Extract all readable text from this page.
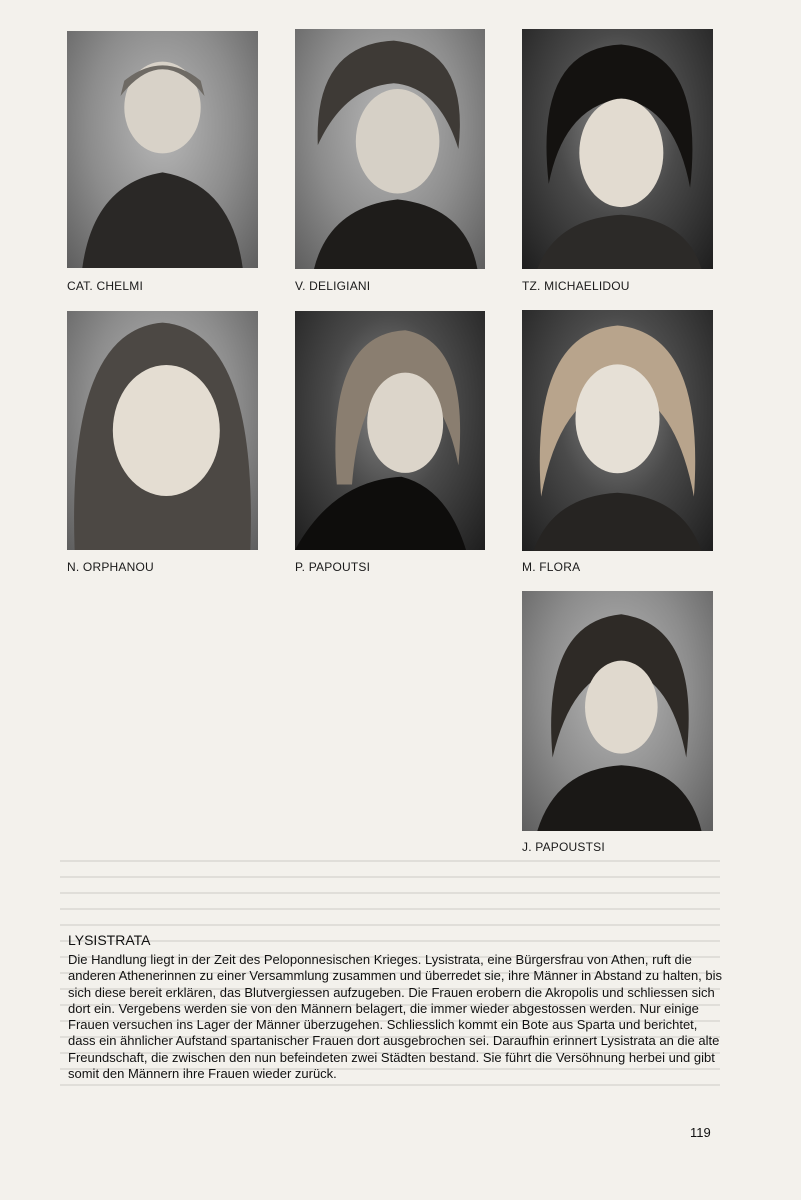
CAT. CHELMI	V. DELIGIANI	TZ. MICHAELIDOU
N. ORPHANOU	P. PAPOUTSI	M. FLORA
J. PAPOUSTSI
LYSISTRATA

Die Handlung liegt in der Zeit des Peloponnesischen Krieges. Lysistrata, eine Bürgersfrau von Athen, ruft die anderen Athenerinnen zu einer Versammlung zusammen und überredet sie, ihre Männer in Abstand zu halten, bis sich diese bereit erklären, das Blutvergiessen aufzugeben. Die Frauen erobern die Akropolis und schliessen sich dort ein. Vergebens werden sie von den Männern belagert, die immer wieder abgestossen werden. Nur einige Frauen versuchen ins Lager der Männer überzugehen. Schliesslich kommt ein Bote aus Sparta und berichtet, dass ein ähnlicher Aufstand spartanischer Frauen dort ausgebrochen sei. Daraufhin erinnert Lysistrata an die alte Freundschaft, die zwischen den nun befeindeten zwei Städten bestand. Sie führt die Versöhnung herbei und gibt somit den Männern ihre Frauen wieder zurück.

119
